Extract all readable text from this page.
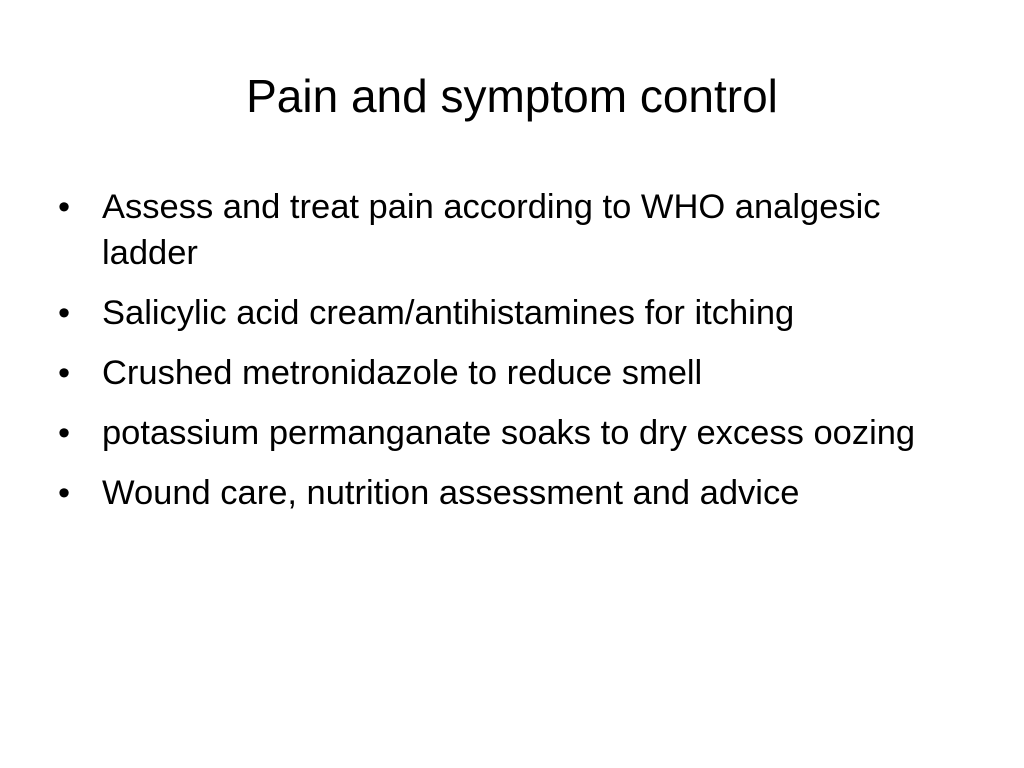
Pain and symptom control
• Assess and treat pain according to WHO analgesic ladder
• Salicylic acid cream/antihistamines for itching
• Crushed metronidazole to reduce smell
• potassium permanganate soaks to dry excess oozing
• Wound care, nutrition assessment and advice
